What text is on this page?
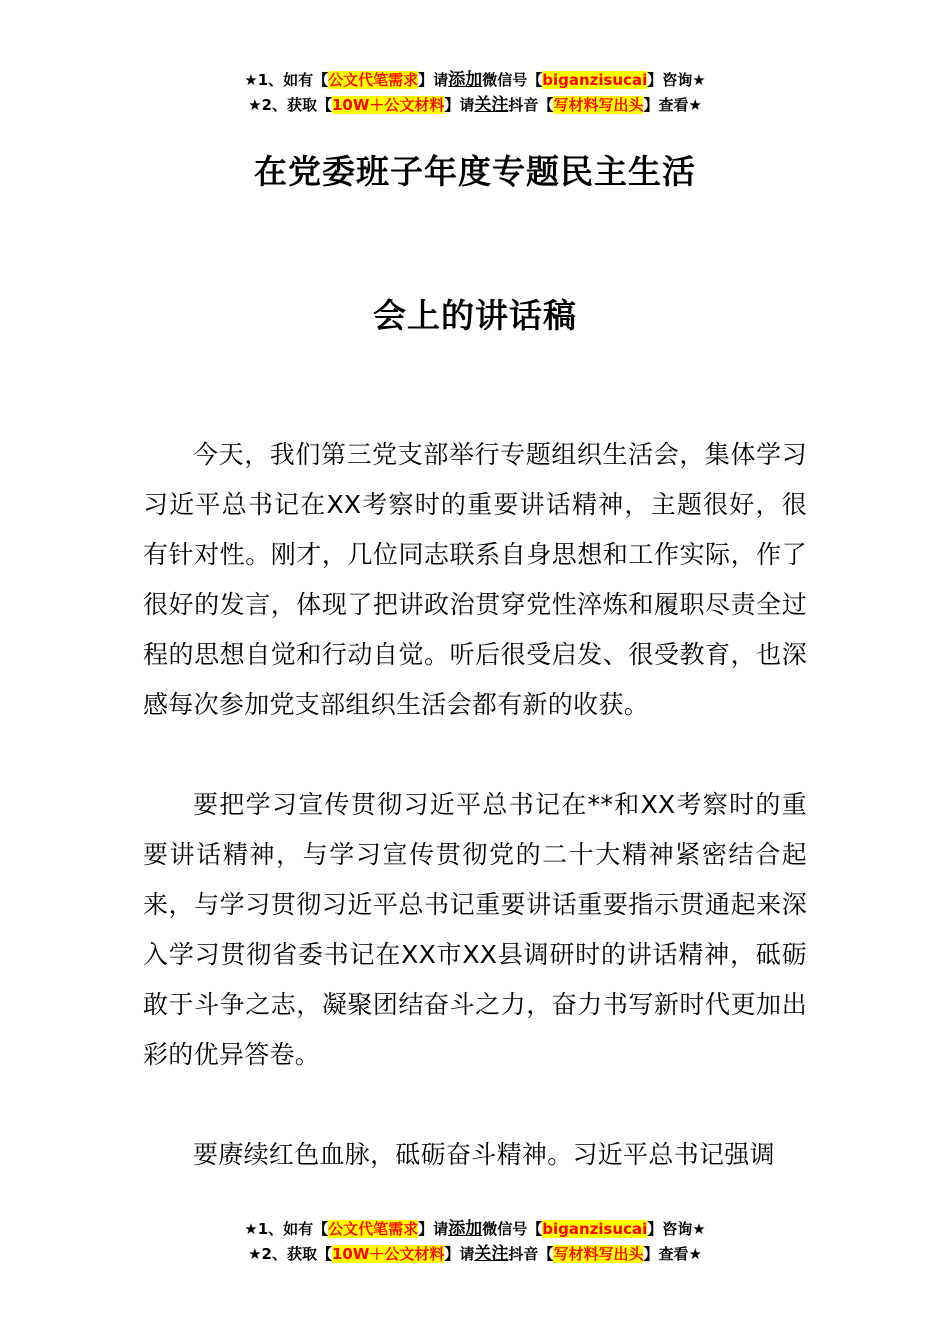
★1、如有【公文代笔需求】请添加微信号【biganzisucai】咨询★
★2、获取【10W＋公文材料】请关注抖音【写材料写出头】查看★
在党委班子年度专题民主生活
会上的讲话稿

今天，我们第三党支部举行专题组织生活会，集体学习习近平总书记在XX考察时的重要讲话精神，主题很好，很有针对性。刚才，几位同志联系自身思想和工作实际，作了很好的发言，体现了把讲政治贯穿党性淬炼和履职尽责全过程的思想自觉和行动自觉。听后很受启发、很受教育，也深感每次参加党支部组织生活会都有新的收获。

要把学习宣传贯彻习近平总书记在**和XX考察时的重要讲话精神，与学习宣传贯彻党的二十大精神紧密结合起来，与学习贯彻习近平总书记重要讲话重要指示贯通起来深入学习贯彻省委书记在XX市XX县调研时的讲话精神，砥砺敢于斗争之志，凝聚团结奋斗之力，奋力书写新时代更加出彩的优异答卷。

要赓续红色血脉，砥砺奋斗精神。习近平总书记强调

★1、如有【公文代笔需求】请添加微信号【biganzisucai】咨询★
★2、获取【10W＋公文材料】请关注抖音【写材料写出头】查看★
